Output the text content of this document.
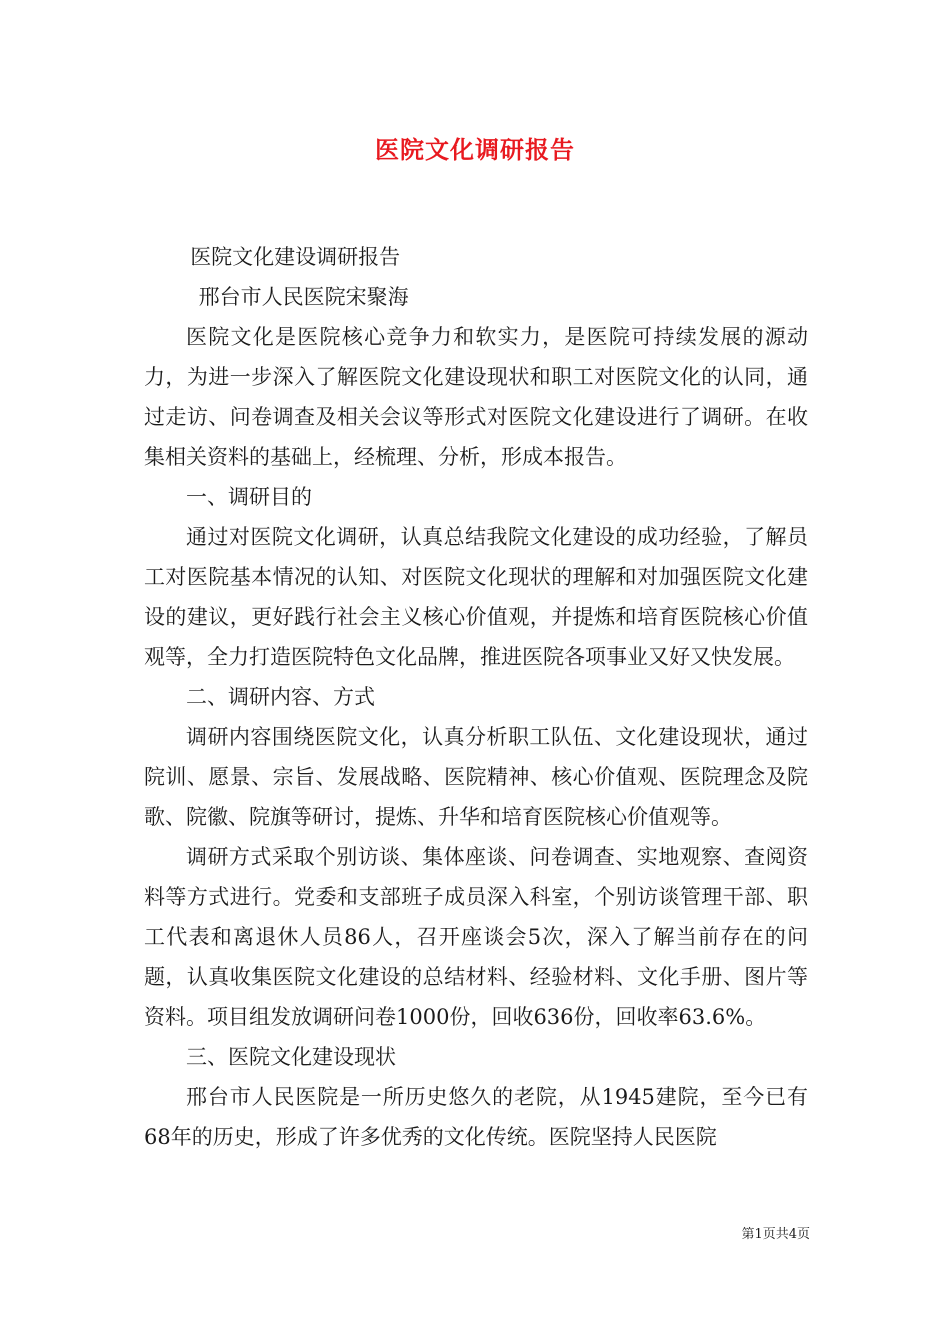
医院文化调研报告

医院文化建设调研报告

邢台市人民医院宋聚海

医院文化是医院核心竞争力和软实力，是医院可持续发展的源动力，为进一步深入了解医院文化建设现状和职工对医院文化的认同，通过走访、问卷调查及相关会议等形式对医院文化建设进行了调研。在收集相关资料的基础上，经梳理、分析，形成本报告。

一、调研目的

通过对医院文化调研，认真总结我院文化建设的成功经验，了解员工对医院基本情况的认知、对医院文化现状的理解和对加强医院文化建设的建议，更好践行社会主义核心价值观，并提炼和培育医院核心价值观等，全力打造医院特色文化品牌，推进医院各项事业又好又快发展。

二、调研内容、方式

调研内容围绕医院文化，认真分析职工队伍、文化建设现状，通过院训、愿景、宗旨、发展战略、医院精神、核心价值观、医院理念及院歌、院徽、院旗等研讨，提炼、升华和培育医院核心价值观等。

调研方式采取个别访谈、集体座谈、问卷调查、实地观察、查阅资料等方式进行。党委和支部班子成员深入科室，个别访谈管理干部、职工代表和离退休人员86人，召开座谈会5次，深入了解当前存在的问题，认真收集医院文化建设的总结材料、经验材料、文化手册、图片等资料。项目组发放调研问卷1000份，回收636份，回收率63.6%。

三、医院文化建设现状

邢台市人民医院是一所历史悠久的老院，从1945建院，至今已有68年的历史，形成了许多优秀的文化传统。医院坚持人民医院

第1页共4页
